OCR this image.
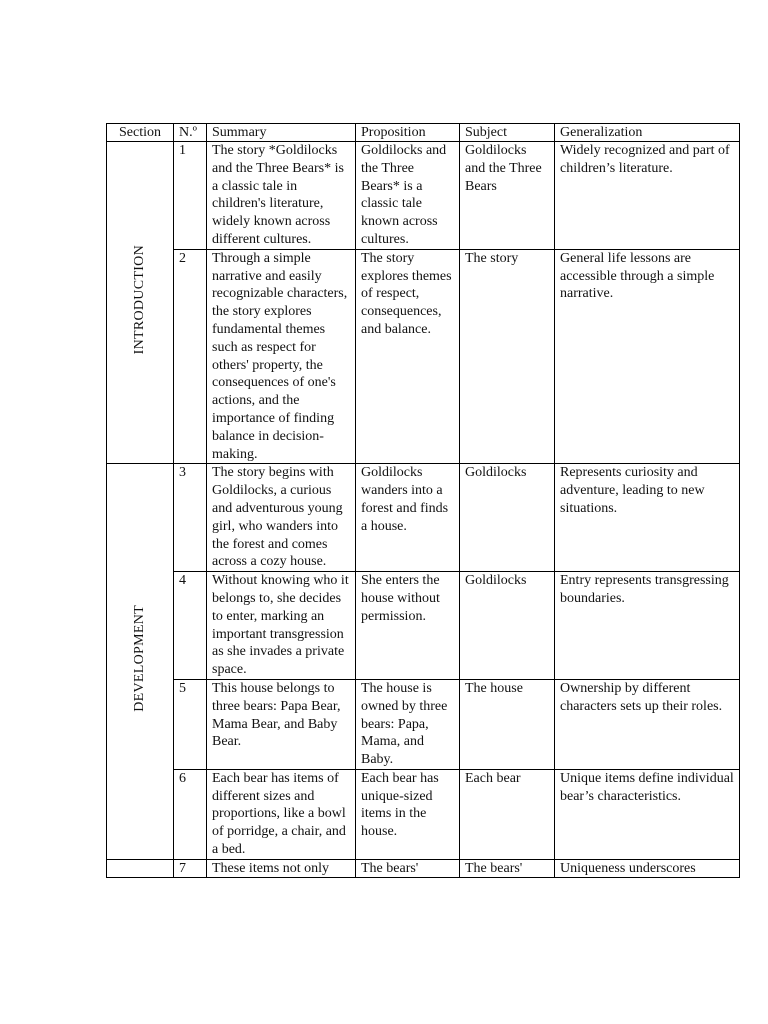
Section	N.º	Summary	Proposition	Subject	Generalization
INTRODUCTION	1	The story *Goldilocks and the Three Bears* is a classic tale in children's literature, widely known across different cultures.	Goldilocks and the Three Bears* is a classic tale known across cultures.	Goldilocks and the Three Bears	Widely recognized and part of children’s literature.
	2	Through a simple narrative and easily recognizable characters, the story explores fundamental themes such as respect for others' property, the consequences of one's actions, and the importance of finding balance in decision-making.	The story explores themes of respect, consequences, and balance.	The story	General life lessons are accessible through a simple narrative.
DEVELOPMENT	3	The story begins with Goldilocks, a curious and adventurous young girl, who wanders into the forest and comes across a cozy house.	Goldilocks wanders into a forest and finds a house.	Goldilocks	Represents curiosity and adventure, leading to new situations.
	4	Without knowing who it belongs to, she decides to enter, marking an important transgression as she invades a private space.	She enters the house without permission.	Goldilocks	Entry represents transgressing boundaries.
	5	This house belongs to three bears: Papa Bear, Mama Bear, and Baby Bear.	The house is owned by three bears: Papa, Mama, and Baby.	The house	Ownership by different characters sets up their roles.
	6	Each bear has items of different sizes and proportions, like a bowl of porridge, a chair, and a bed.	Each bear has unique-sized items in the house.	Each bear	Unique items define individual bear’s characteristics.
	7	These items not only	The bears'	The bears'	Uniqueness underscores
